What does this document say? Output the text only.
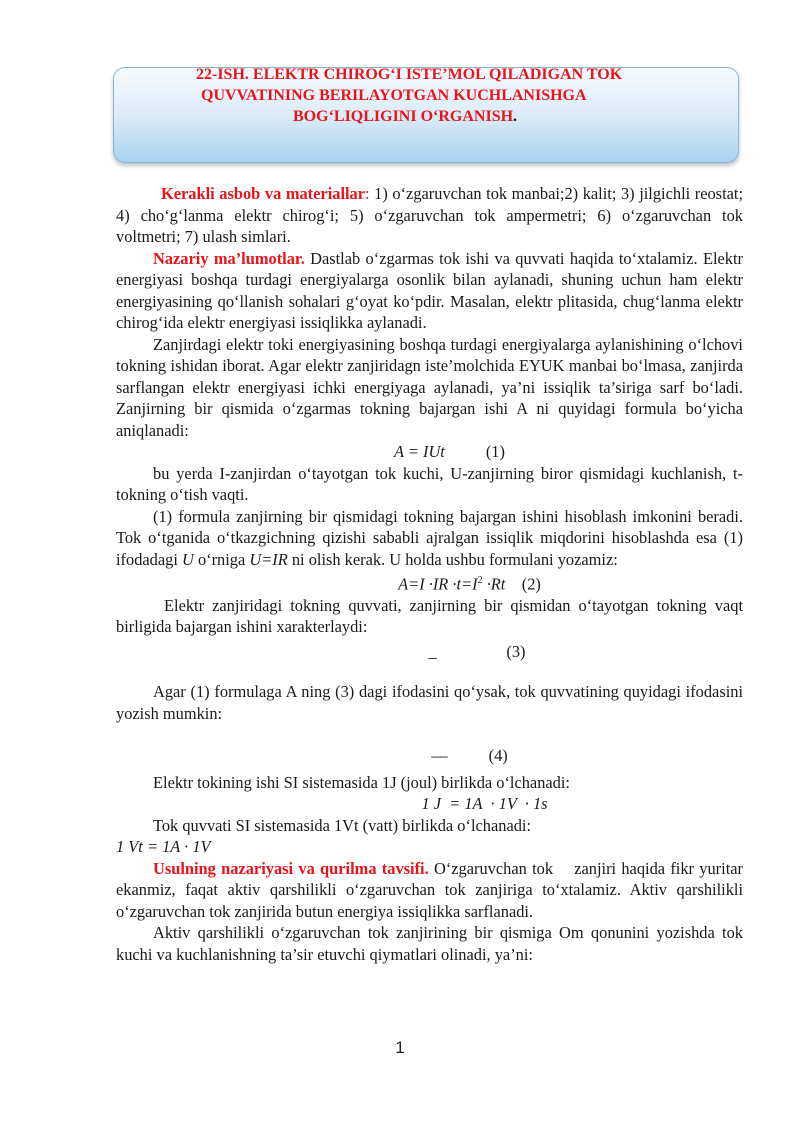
22-ISH. ELEKTR CHIROG‘I ISTE’MOL QILADIGAN TOK
QUVVATINING BERILAYOTGAN KUCHLANISHGA
BOG‘LIQLIGINI O‘RGANISH.

Kerakli asbob va materiallar: 1) o‘zgaruvchan tok manbai;2) kalit; 3) jilgichli reostat; 4) cho‘g‘lanma elektr chirog‘i; 5) o‘zgaruvchan tok ampermetri; 6) o‘zgaruvchan tok voltmetri; 7) ulash simlari.

Nazariy ma’lumotlar. Dastlab o‘zgarmas tok ishi va quvvati haqida to‘xtalamiz. Elektr energiyasi boshqa turdagi energiyalarga osonlik bilan aylanadi, shuning uchun ham elektr energiyasining qo‘llanish sohalari g‘oyat ko‘pdir. Masalan, elektr plitasida, chug‘lanma elektr chirog‘ida elektr energiyasi issiqlikka aylanadi.

Zanjirdagi elektr toki energiyasining boshqa turdagi energiyalarga aylanishining o‘lchovi tokning ishidan iborat. Agar elektr zanjiridagn iste’molchida EYUK manbai bo‘lmasa, zanjirda sarflangan elektr energiyasi ichki energiyaga aylanadi, ya’ni issiqlik ta’siriga sarf bo‘ladi. Zanjirning bir qismida o‘zgarmas tokning bajargan ishi A ni quyidagi formula bo‘yicha aniqlanadi:

A = IUt (1)

bu yerda I-zanjirdan o‘tayotgan tok kuchi, U-zanjirning biror qismidagi kuchlanish, t-tokning o‘tish vaqti.

(1) formula zanjirning bir qismidagi tokning bajargan ishini hisoblash imkonini beradi. Tok o‘tganida o‘tkazgichning qizishi sababli ajralgan issiqlik miqdorini hisoblashda esa (1) ifodadagi U o‘rniga U=IR ni olish kerak. U holda ushbu formulani yozamiz:

$A=I \cdot IR \cdot t=I^2 \cdot Rt$ (2)

Elektr zanjiridagi tokning quvvati, zanjirning bir qismidan o‘tayotgan tokning vaqt birligida bajargan ishini xarakterlaydi:

_	(3)

Agar (1) formulaga A ning (3) dagi ifodasini qo‘ysak, tok quvvatining quyidagi ifodasini yozish mumkin:

— (4)

Elektr tokining ishi SI sistemasida 1J (joul) birlikda o‘lchanadi:

1 J  = 1A  · 1V  · 1s

Tok quvvati SI sistemasida 1Vt (vatt) birlikda o‘lchanadi:

1 Vt = 1A · 1V

Usulning nazariyasi va qurilma tavsifi. O‘zgaruvchan tok    zanjiri haqida fikr yuritar ekanmiz, faqat aktiv qarshilikli o‘zgaruvchan tok zanjiriga to‘xtalamiz. Aktiv qarshilikli o‘zgaruvchan tok zanjirida butun energiya issiqlikka sarflanadi.

Aktiv qarshilikli o‘zgaruvchan tok zanjirining bir qismiga Om qonunini yozishda tok kuchi va kuchlanishning ta’sir etuvchi qiymatlari olinadi, ya’ni:

1
